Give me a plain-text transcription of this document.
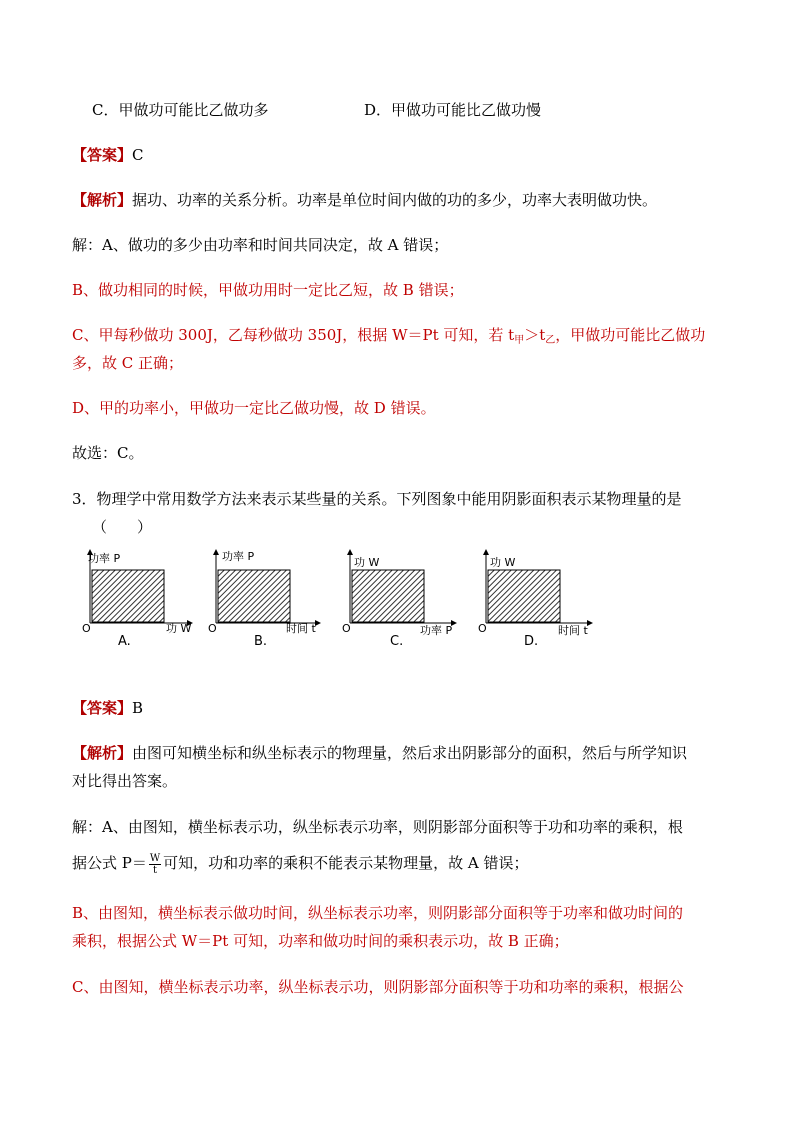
C．甲做功可能比乙做功多	D．甲做功可能比乙做功慢
【答案】C
【解析】据功、功率的关系分析。功率是单位时间内做的功的多少，功率大表明做功快。
解：A、做功的多少由功率和时间共同决定，故 A 错误；
B、做功相同的时候，甲做功用时一定比乙短，故 B 错误；
C、甲每秒做功 300J，乙每秒做功 350J，根据 W＝Pt 可知，若 $t_甲>t_乙$，甲做功可能比乙做功
多，故 C 正确；
D、甲的功率小，甲做功一定比乙做功慢，故 D 错误。
故选：C。
3．物理学中常用数学方法来表示某些量的关系。下列图象中能用阴影面积表示某物理量的是
（　　）
功率 P
O	功 W
A.
功率 P
O	时间 t
B.
功 W
O	功率 P
C.
功 W
O	时间 t
D.
【答案】B
【解析】由图可知横坐标和纵坐标表示的物理量，然后求出阴影部分的面积，然后与所学知识
对比得出答案。
解：A、由图知，横坐标表示功，纵坐标表示功率，则阴影部分面积等于功和功率的乘积，根
据公式 $P= \frac{W}{t}$ 可知，功和功率的乘积不能表示某物理量，故 A 错误；
B、由图知，横坐标表示做功时间，纵坐标表示功率，则阴影部分面积等于功率和做功时间的
乘积，根据公式 W＝Pt 可知，功率和做功时间的乘积表示功，故 B 正确；
C、由图知，横坐标表示功率，纵坐标表示功，则阴影部分面积等于功和功率的乘积，根据公
